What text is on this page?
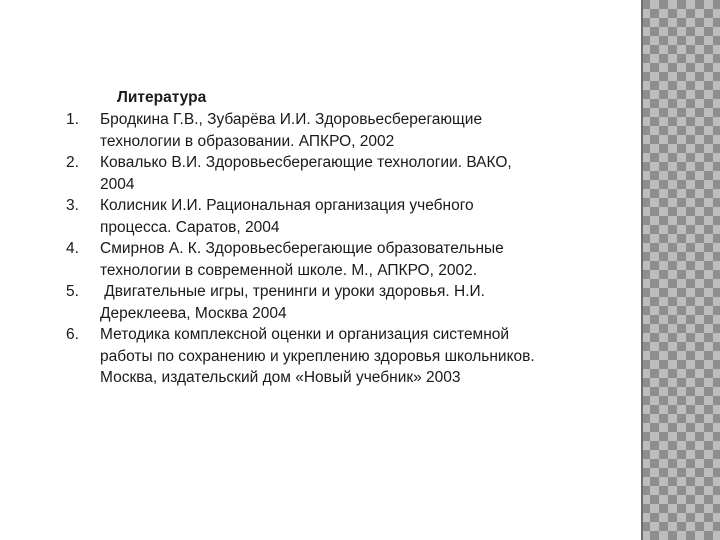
Литература

1.	Бродкина Г.В., Зубарёва И.И. Здоровьесберегающие
технологии в образовании. АПКРО, 2002
2.	Ковалько В.И. Здоровьесберегающие технологии. ВАКО,
2004
3.	Колисник И.И. Рациональная организация учебного
процесса. Саратов, 2004
4.	Смирнов А. К. Здоровьесберегающие образовательные
технологии в современной школе. М., АПКРО, 2002.
5.	Двигательные игры, тренинги и уроки здоровья. Н.И.
Дереклеева, Москва 2004
6.	Методика комплексной оценки и организация системной
работы по сохранению и укреплению здоровья школьников.
Москва, издательский дом «Новый учебник» 2003
